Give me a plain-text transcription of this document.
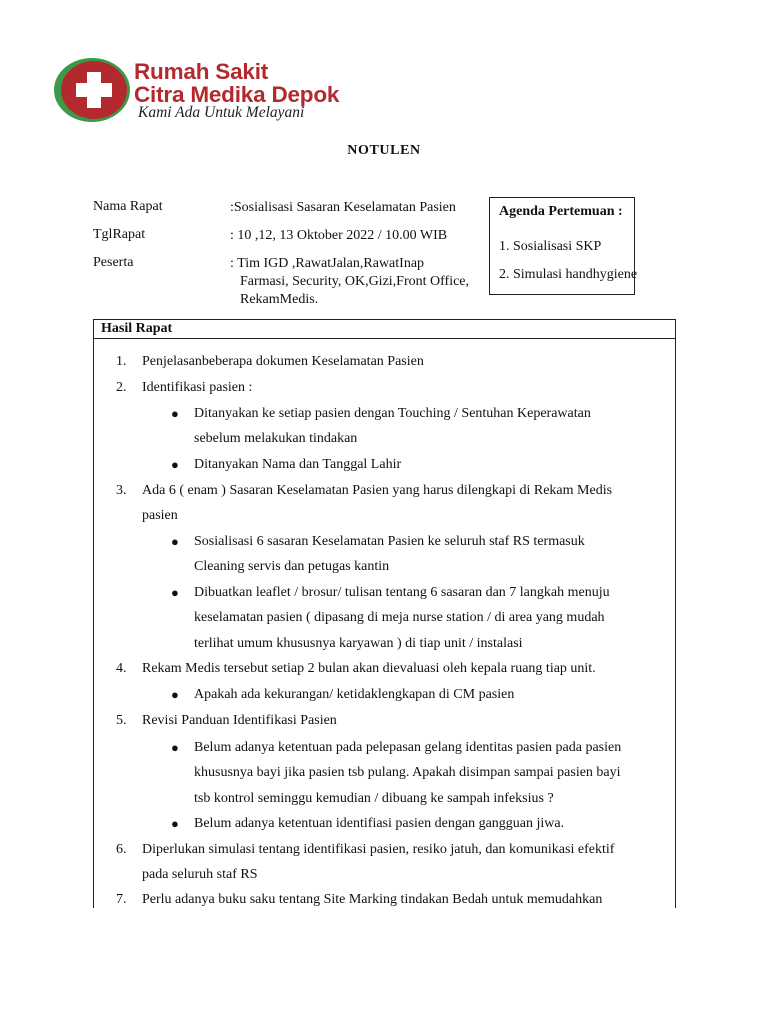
Rumah Sakit
Citra Medika Depok
Kami Ada Untuk Melayani
NOTULEN
Nama Rapat	:Sosialisasi Sasaran Keselamatan Pasien
TglRapat	: 10 ,12, 13 Oktober 2022 / 10.00 WIB
Peserta	: Tim IGD ,RawatJalan,RawatInap
Farmasi, Security, OK,Gizi,Front Office,
RekamMedis.
Agenda Pertemuan :
1. Sosialisasi SKP
2. Simulasi handhygiene
Hasil Rapat
1. Penjelasanbeberapa dokumen Keselamatan Pasien
2. Identifikasi pasien :
● Ditanyakan ke setiap pasien dengan Touching / Sentuhan Keperawatan
sebelum melakukan tindakan
● Ditanyakan Nama dan Tanggal Lahir
3. Ada 6 ( enam ) Sasaran Keselamatan Pasien yang harus dilengkapi di Rekam Medis
pasien
● Sosialisasi 6 sasaran Keselamatan Pasien ke seluruh staf RS termasuk
Cleaning servis dan petugas kantin
● Dibuatkan leaflet / brosur/ tulisan tentang 6 sasaran dan 7 langkah menuju
keselamatan pasien ( dipasang di meja nurse station / di area yang mudah
terlihat umum khususnya karyawan ) di tiap unit / instalasi
4. Rekam Medis tersebut setiap 2 bulan akan dievaluasi oleh kepala ruang tiap unit.
● Apakah ada kekurangan/ ketidaklengkapan di CM pasien
5. Revisi Panduan Identifikasi Pasien
● Belum adanya ketentuan pada pelepasan gelang identitas pasien pada pasien
khususnya bayi jika pasien tsb pulang. Apakah disimpan sampai pasien bayi
tsb kontrol seminggu kemudian / dibuang ke sampah infeksius ?
● Belum adanya ketentuan identifiasi pasien dengan gangguan jiwa.
6. Diperlukan simulasi tentang identifikasi pasien, resiko jatuh, dan komunikasi efektif
pada seluruh staf RS
7. Perlu adanya buku saku tentang Site Marking tindakan Bedah untuk memudahkan
